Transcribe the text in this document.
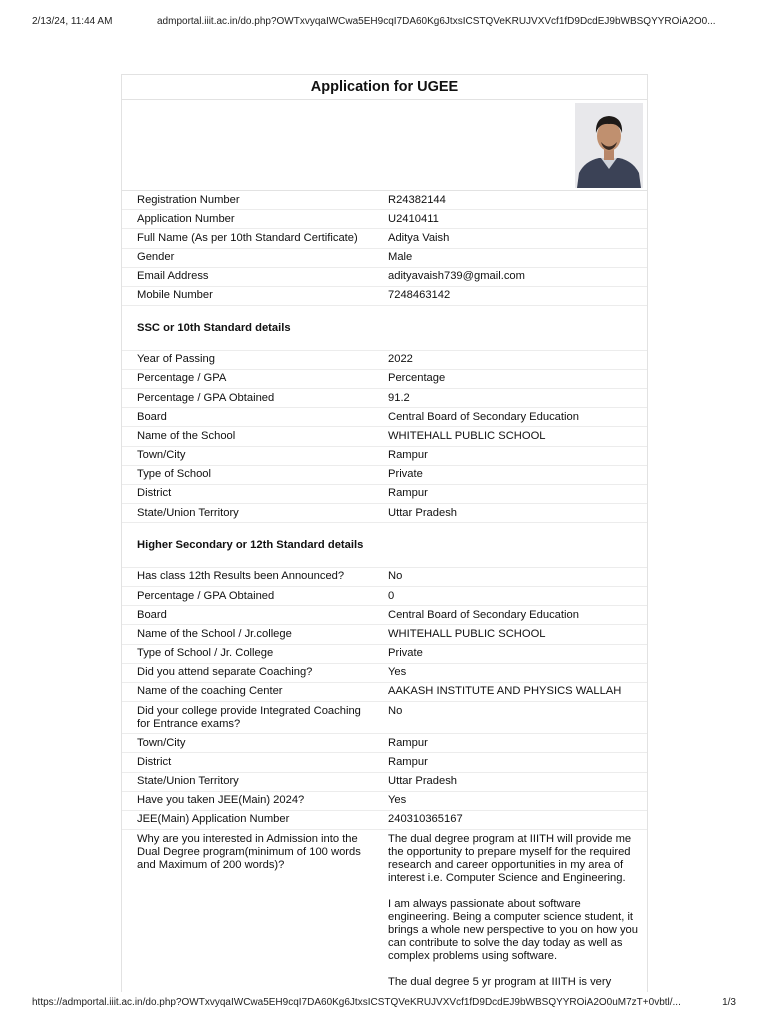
2/13/24, 11:44 AM	admportal.iiit.ac.in/do.php?OWTxvyqaIWCwa5EH9cqI7DA60Kg6JtxsICSTQVeKRUJVXVcf1fD9DcdEJ9bWBSQYYROiA2O0...
Application for UGEE
Registration Number	R24382144
Application Number	U2410411
Full Name (As per 10th Standard Certificate)	Aditya Vaish
Gender	Male
Email Address	adityavaish739@gmail.com
Mobile Number	7248463142
SSC or 10th Standard details
Year of Passing	2022
Percentage / GPA	Percentage
Percentage / GPA Obtained	91.2
Board	Central Board of Secondary Education
Name of the School	WHITEHALL PUBLIC SCHOOL
Town/City	Rampur
Type of School	Private
District	Rampur
State/Union Territory	Uttar Pradesh
Higher Secondary or 12th Standard details
Has class 12th Results been Announced?	No
Percentage / GPA Obtained	0
Board	Central Board of Secondary Education
Name of the School / Jr.college	WHITEHALL PUBLIC SCHOOL
Type of School / Jr. College	Private
Did you attend separate Coaching?	Yes
Name of the coaching Center	AAKASH INSTITUTE AND PHYSICS WALLAH
Did your college provide Integrated Coaching for Entrance exams?
No
Town/City	Rampur
District	Rampur
State/Union Territory	Uttar Pradesh
Have you taken JEE(Main) 2024?	Yes
JEE(Main) Application Number	240310365167
Why are you interested in Admission into the Dual Degree program(minimum of 100 words and Maximum of 200 words)?

The dual degree program at IIITH will provide me the opportunity to prepare myself for the required research and career opportunities in my area of interest i.e. Computer Science and Engineering.

I am always passionate about software engineering. Being a computer science student, it brings a whole new perspective to you on how you can contribute to solve the day today as well as complex problems using software.

The dual degree 5 yr program at IIITH is very

https://admportal.iiit.ac.in/do.php?OWTxvyqaIWCwa5EH9cqI7DA60Kg6JtxsICSTQVeKRUJVXVcf1fD9DcdEJ9bWBSQYYROiA2O0uM7zT+0vbtl/...	1/3
